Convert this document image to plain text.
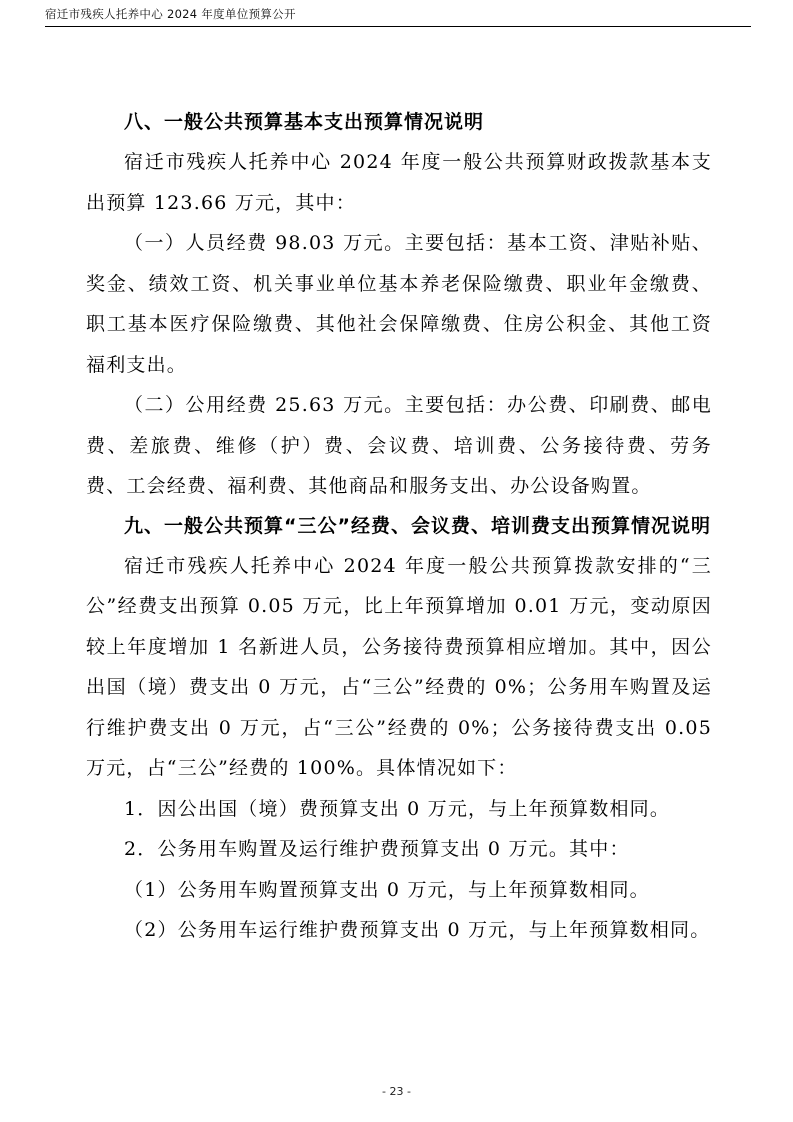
宿迁市残疾人托养中心 2024 年度单位预算公开
八、一般公共预算基本支出预算情况说明

宿迁市残疾人托养中心 2024 年度一般公共预算财政拨款基本支出预算 123.66 万元，其中：

（一）人员经费 98.03 万元。主要包括：基本工资、津贴补贴、奖金、绩效工资、机关事业单位基本养老保险缴费、职业年金缴费、职工基本医疗保险缴费、其他社会保障缴费、住房公积金、其他工资福利支出。

（二）公用经费 25.63 万元。主要包括：办公费、印刷费、邮电费、差旅费、维修（护）费、会议费、培训费、公务接待费、劳务费、工会经费、福利费、其他商品和服务支出、办公设备购置。

九、一般公共预算“三公”经费、会议费、培训费支出预算情况说明

宿迁市残疾人托养中心 2024 年度一般公共预算拨款安排的“三公”经费支出预算 0.05 万元，比上年预算增加 0.01 万元，变动原因较上年度增加 1 名新进人员，公务接待费预算相应增加。其中，因公出国（境）费支出 0 万元，占“三公”经费的 0%；公务用车购置及运行维护费支出 0 万元，占“三公”经费的 0%；公务接待费支出 0.05 万元，占“三公”经费的 100%。具体情况如下：

1．因公出国（境）费预算支出 0 万元，与上年预算数相同。

2．公务用车购置及运行维护费预算支出 0 万元。其中：

（1）公务用车购置预算支出 0 万元，与上年预算数相同。

（2）公务用车运行维护费预算支出 0 万元，与上年预算数相同。

- 23 -
